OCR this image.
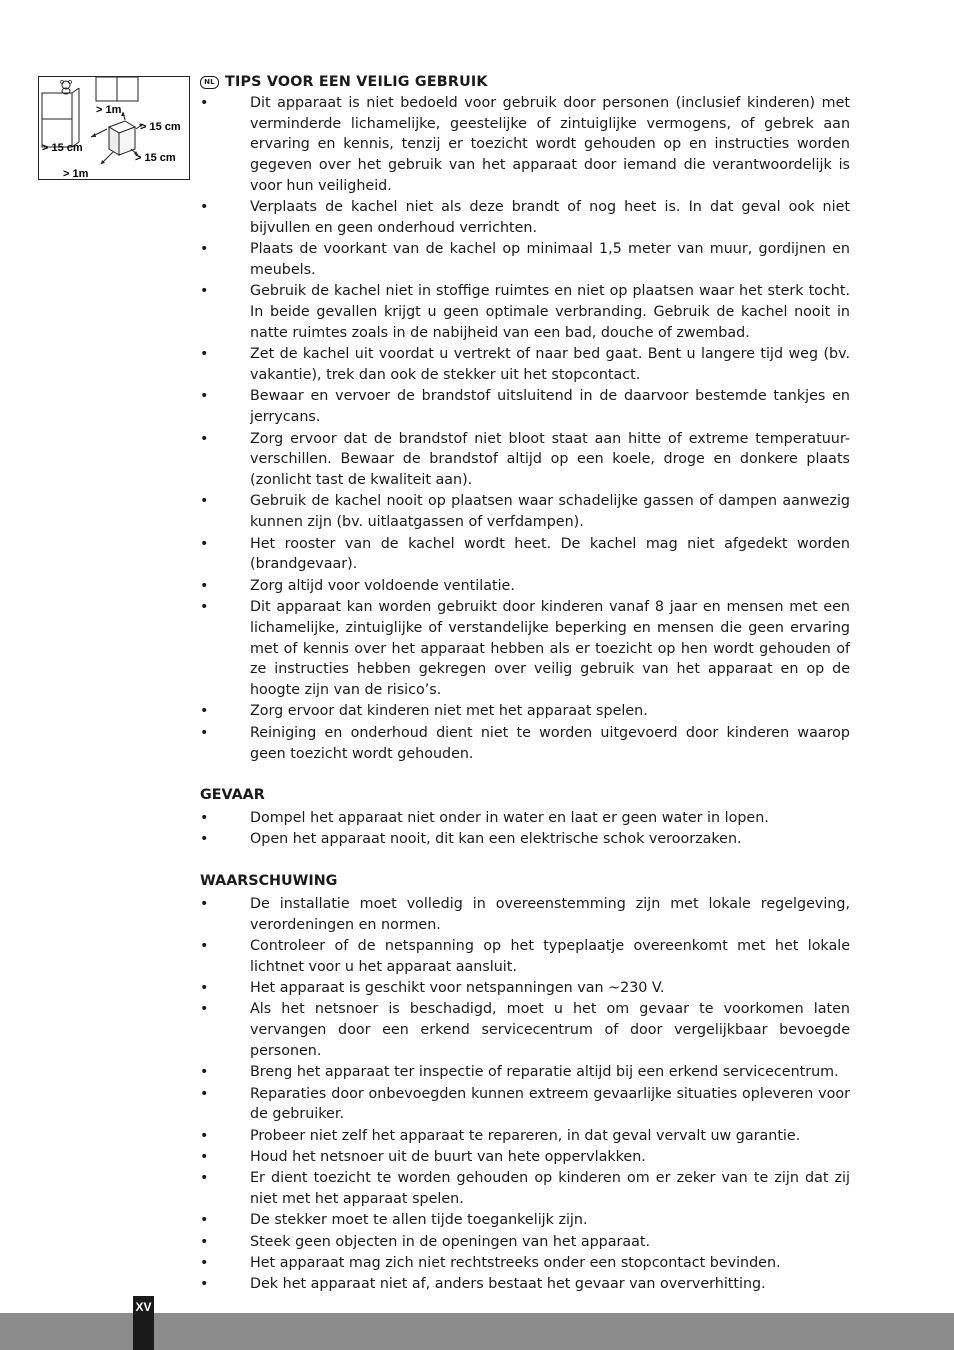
> 1m
> 15 cm
> 15 cm
> 15 cm
> 1m
NL TIPS VOOR EEN VEILIG GEBRUIK
•	Dit apparaat is niet bedoeld voor gebruik door personen (inclusief kinderen) met verminderde lichamelijke, geestelijke of zintuiglijke vermogens, of gebrek aan ervaring en kennis, tenzij er toezicht wordt gehouden op en instructies worden gegeven over het gebruik van het apparaat door iemand die verantwoordelijk is voor hun veiligheid.
•	Verplaats de kachel niet als deze brandt of nog heet is. In dat geval ook niet bijvullen en geen onderhoud verrichten.
•	Plaats de voorkant van de kachel op minimaal 1,5 meter van muur, gordijnen en meubels.
•	Gebruik de kachel niet in stoffige ruimtes en niet op plaatsen waar het sterk tocht. In beide gevallen krijgt u geen optimale verbranding. Gebruik de kachel nooit in natte ruimtes zoals in de nabijheid van een bad, douche of zwembad.
•	Zet de kachel uit voordat u vertrekt of naar bed gaat. Bent u langere tijd weg (bv. vakantie), trek dan ook de stekker uit het stopcontact.
•	Bewaar en vervoer de brandstof uitsluitend in de daarvoor bestemde tankjes en jerrycans.
•	Zorg ervoor dat de brandstof niet bloot staat aan hitte of extreme temperatuur-verschillen. Bewaar de brandstof altijd op een koele, droge en donkere plaats (zonlicht tast de kwaliteit aan).
•	Gebruik de kachel nooit op plaatsen waar schadelijke gassen of dampen aanwezig kunnen zijn (bv. uitlaatgassen of verfdampen).
•	Het rooster van de kachel wordt heet. De kachel mag niet afgedekt worden (brandgevaar).
•	Zorg altijd voor voldoende ventilatie.
•	Dit apparaat kan worden gebruikt door kinderen vanaf 8 jaar en mensen met een lichamelijke, zintuiglijke of verstandelijke beperking en mensen die geen ervaring met of kennis over het apparaat hebben als er toezicht op hen wordt gehouden of ze instructies hebben gekregen over veilig gebruik van het apparaat en op de hoogte zijn van de risico’s.
•	Zorg ervoor dat kinderen niet met het apparaat spelen.
•	Reiniging en onderhoud dient niet te worden uitgevoerd door kinderen waarop geen toezicht wordt gehouden.
GEVAAR
•	Dompel het apparaat niet onder in water en laat er geen water in lopen.
•	Open het apparaat nooit, dit kan een elektrische schok veroorzaken.
WAARSCHUWING
•	De installatie moet volledig in overeenstemming zijn met lokale regelgeving, verordeningen en normen.
•	Controleer of de netspanning op het typeplaatje overeenkomt met het lokale lichtnet voor u het apparaat aansluit.
•	Het apparaat is geschikt voor netspanningen van ~230 V.
•	Als het netsnoer is beschadigd, moet u het om gevaar te voorkomen laten vervangen door een erkend servicecentrum of door vergelijkbaar bevoegde personen.
•	Breng het apparaat ter inspectie of reparatie altijd bij een erkend servicecentrum.
•	Reparaties door onbevoegden kunnen extreem gevaarlijke situaties opleveren voor de gebruiker.
•	Probeer niet zelf het apparaat te repareren, in dat geval vervalt uw garantie.
•	Houd het netsnoer uit de buurt van hete oppervlakken.
•	Er dient toezicht te worden gehouden op kinderen om er zeker van te zijn dat zij niet met het apparaat spelen.
•	De stekker moet te allen tijde toegankelijk zijn.
•	Steek geen objecten in de openingen van het apparaat.
•	Het apparaat mag zich niet rechtstreeks onder een stopcontact bevinden.
•	Dek het apparaat niet af, anders bestaat het gevaar van oververhitting.
XV
